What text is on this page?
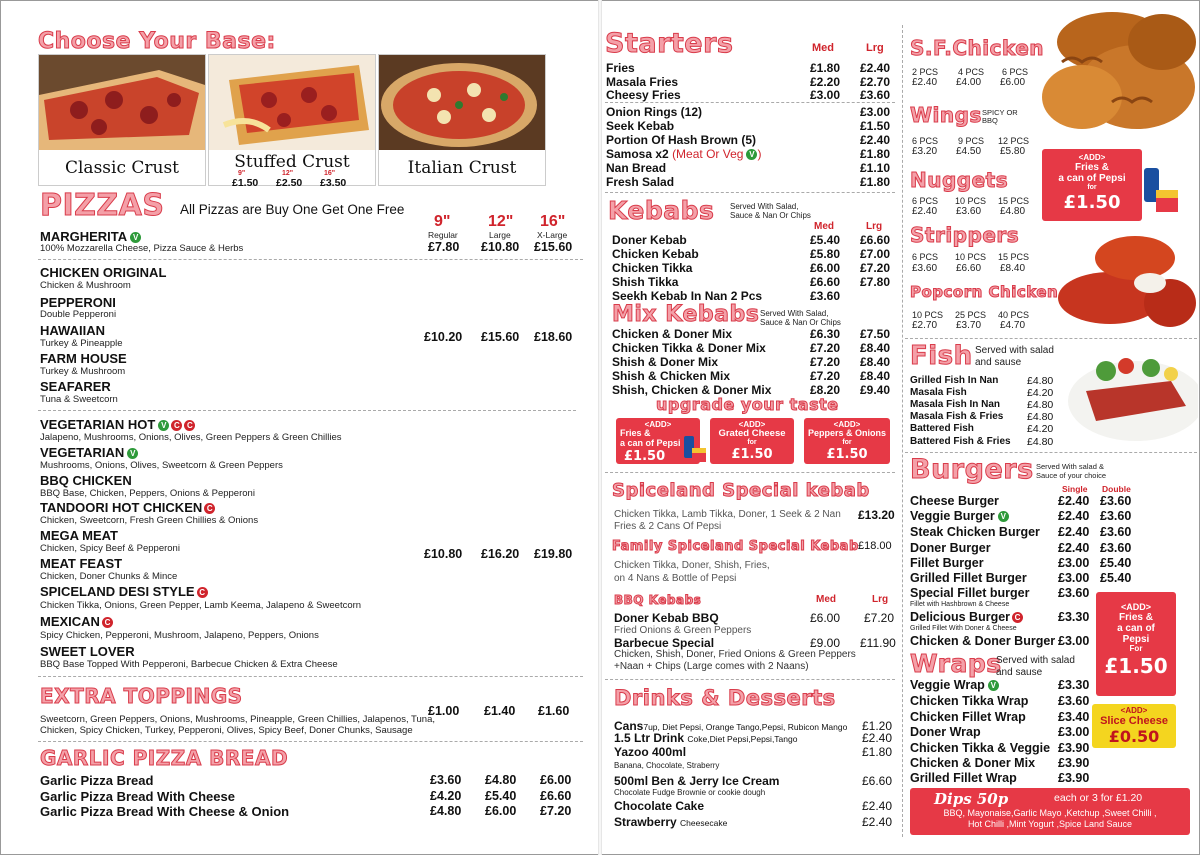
Choose Your Base:
Classic Crust	Stuffed Crust
9"	12"	16"
£1.50 £2.50 £3.50
Italian Crust
PIZZAS All Pizzas are Buy One Get One Free
9" 12" 16"
Regular	Large	X-Large
MARGHERITA V
100% Mozzarella Cheese, Pizza Sauce & Herbs	£7.80 £10.80 £15.60
CHICKEN ORIGINAL
Chicken & Mushroom
PEPPERONI
Double Pepperoni
HAWAIIAN
Turkey & Pineapple
FARM HOUSE
Turkey & Mushroom
SEAFARER
Tuna & Sweetcorn
£10.20 £15.60 £18.60
VEGETARIAN HOT V C C
Jalapeno, Mushrooms, Onions, Olives, Green Peppers & Green Chillies
VEGETARIAN V
Mushrooms, Onions, Olives, Sweetcorn & Green Peppers
BBQ CHICKEN
BBQ Base, Chicken, Peppers, Onions & Pepperoni
TANDOORI HOT CHICKEN C
Chicken, Sweetcorn, Fresh Green Chillies & Onions
MEGA MEAT
Chicken, Spicy Beef & Pepperoni
MEAT FEAST
Chicken, Doner Chunks & Mince
SPICELAND DESI STYLE C
Chicken Tikka, Onions, Green Pepper, Lamb Keema, Jalapeno & Sweetcorn
MEXICAN C
Spicy Chicken, Pepperoni, Mushroom, Jalapeno, Peppers, Onions
SWEET LOVER
BBQ Base Topped With Pepperoni, Barbecue Chicken & Extra Cheese
£10.80 £16.20 £19.80
EXTRA TOPPINGS
Sweetcorn, Green Peppers, Onions, Mushrooms, Pineapple, Green Chillies, Jalapenos, Tuna,
Chicken, Spicy Chicken, Turkey, Pepperoni, Olives, Spicy Beef, Doner Chunks, Sausage
£1.00 £1.40 £1.60
GARLIC PIZZA BREAD
Garlic Pizza Bread	£3.60 £4.80 £6.00
Garlic Pizza Bread With Cheese	£4.20 £5.40 £6.60
Garlic Pizza Bread With Cheese & Onion	£4.80 £6.00 £7.20
Starters	Med	Lrg
Fries	£1.80 £2.40
Masala Fries	£2.20 £2.70
Cheesy Fries	£3.00 £3.60
Onion Rings (12)	£3.00
Seek Kebab	£1.50
Portion Of Hash Brown (5)	£2.40
Samosa x2 (Meat Or Veg V )	£1.80
Nan Bread	£1.10
Fresh Salad	£1.80
Kebabs Served With Salad,
Sauce & Nan Or Chips
Med	Lrg
Doner Kebab	£5.40 £6.60
Chicken Kebab	£5.80 £7.00
Chicken Tikka	£6.00 £7.20
Shish Tikka	£6.60 £7.80
Seekh Kebab In Nan 2 Pcs	£3.60
Mix Kebabs Served With Salad,
Sauce & Nan Or Chips
Chicken & Doner Mix	£6.30 £7.50
Chicken Tikka & Doner Mix	£7.20 £8.40
Shish & Doner Mix	£7.20 £8.40
Shish & Chicken Mix	£7.20 £8.40
Shish, Chicken & Doner Mix	£8.20 £9.40
upgrade your taste
<ADD>
Fries &
a can of Pepsi
£1.50
<ADD>
Grated Cheese
for
£1.50
<ADD>
Peppers & Onions
for
£1.50
Spiceland Special kebab
Chicken Tikka, Lamb Tikka, Doner, 1 Seek & 2 Nan
Fries & 2 Cans Of Pepsi
£13.20
Family Spiceland Special Kebab £18.00
Chicken Tikka, Doner, Shish, Fries,
on 4 Nans & Bottle of Pepsi
BBQ Kebabs	Med	Lrg
Doner Kebab BBQ	£6.00 £7.20
Fried Onions & Green Peppers
Barbecue Special	£9.00 £11.90
Chicken, Shish, Doner, Fried Onions & Green Peppers
+Naan + Chips (Large comes with 2 Naans)
Drinks & Desserts
Cans7up, Diet Pepsi, Orange Tango,Pepsi, Rubicon Mango £1.20
1.5 Ltr Drink Coke,Diet Pepsi,Pepsi,Tango	£2.40
Yazoo 400ml	£1.80
Banana, Chocolate, Straberry
500ml Ben & Jerry Ice Cream	£6.60
Chocolate Fudge Brownie or cookie dough
Chocolate Cake	£2.40
Strawberry Cheesecake	£2.40
S.F.Chicken
2 PCS 4 PCS 6 PCS
£2.40 £4.00 £6.00
Wings SPICY OR
BBQ
6 PCS 9 PCS 12 PCS
£3.20 £4.50 £5.80
Nuggets
6 PCS 10 PCS 15 PCS
£2.40 £3.60 £4.80
<ADD>
Fries &
a can of Pepsi
for
£1.50
Strippers
6 PCS 10 PCS 15 PCS
£3.60 £6.60 £8.40
Popcorn Chicken
10 PCS 25 PCS 40 PCS
£2.70 £3.70 £4.70
Fish Served with salad
and sause
Grilled Fish In Nan	£4.80
Masala Fish	£4.20
Masala Fish In Nan	£4.80
Masala Fish & Fries £4.80
Battered Fish	£4.20
Battered Fish & Fries £4.80
Burgers Served With salad &
Sauce of your choice
Single Double
Cheese Burger	£2.40 £3.60
Veggie Burger V	£2.40 £3.60
Steak Chicken Burger £2.40 £3.60
Doner Burger	£2.40 £3.60
Fillet Burger	£3.00 £5.40
Grilled Fillet Burger	£3.00 £5.40
Special Fillet burger £3.60
Fillet with Hashbrown & Cheese
Delicious Burger C	£3.30
Grilled Fillet With Doner & Cheese
Chicken & Doner Burger £3.00
<ADD>
Fries &
a can of
Pepsi
For
£1.50
<ADD>
Slice Cheese
£0.50
Wraps
Served with salad
and sause
Veggie Wrap V	£3.30
Chicken Tikka Wrap £3.60
Chicken Fillet Wrap	£3.40
Doner Wrap	£3.00
Chicken Tikka & Veggie £3.90
Chicken & Doner Mix £3.90
Grilled Fillet Wrap	£3.90
Dips 50p	each or 3 for £1.20
BBQ, Mayonaise,Garlic Mayo ,Ketchup ,Sweet Chilli ,
Hot Chilli ,Mint Yogurt ,Spice Land Sauce
